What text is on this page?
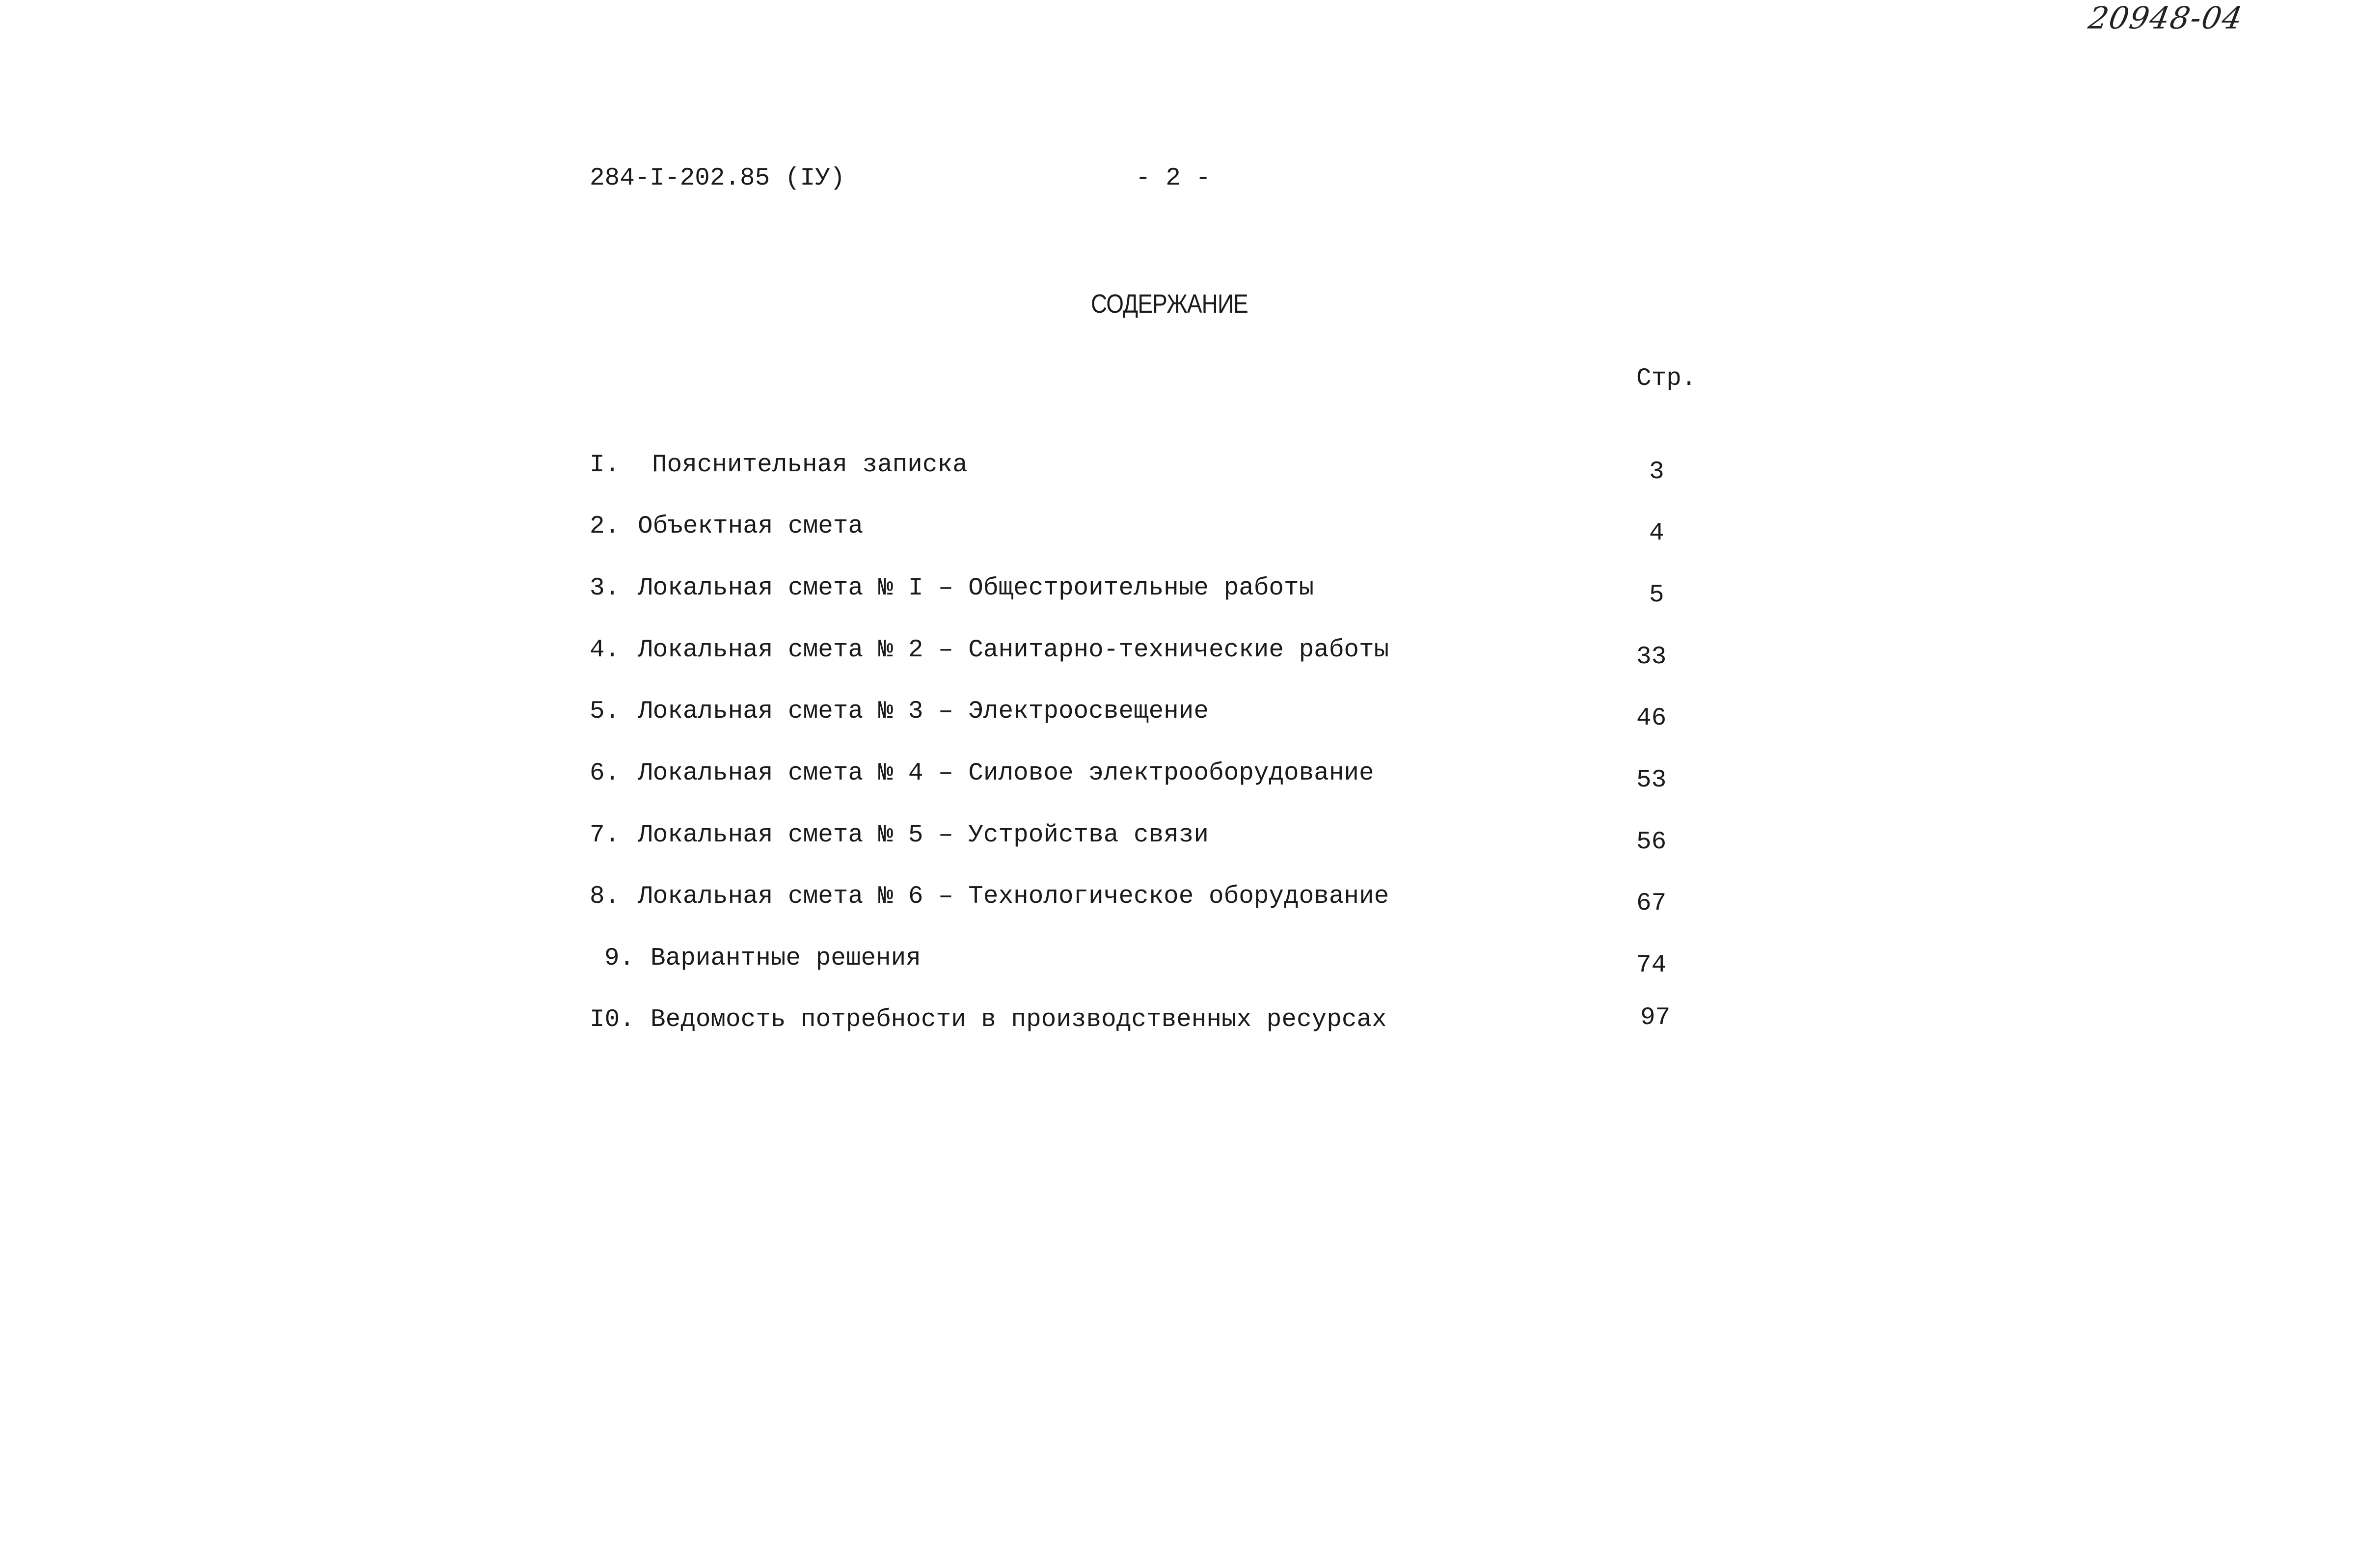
20948-04
284-I-202.85 (IУ)	- 2 -
СОДЕРЖАНИЕ
Стр.
I. Пояснительная записка	3
2. Объектная смета	4
3. Локальная смета № I – Общестроительные работы	5
4. Локальная смета № 2 – Санитарно-технические работы	33
5. Локальная смета № 3 – Электроосвещение	46
6. Локальная смета № 4 – Силовое электрооборудование	53
7. Локальная смета № 5 – Устройства связи	56
8. Локальная смета № 6 – Технологическое оборудование	67
9. Вариантные решения	74
I0. Ведомость потребности в производственных ресурсах	97
